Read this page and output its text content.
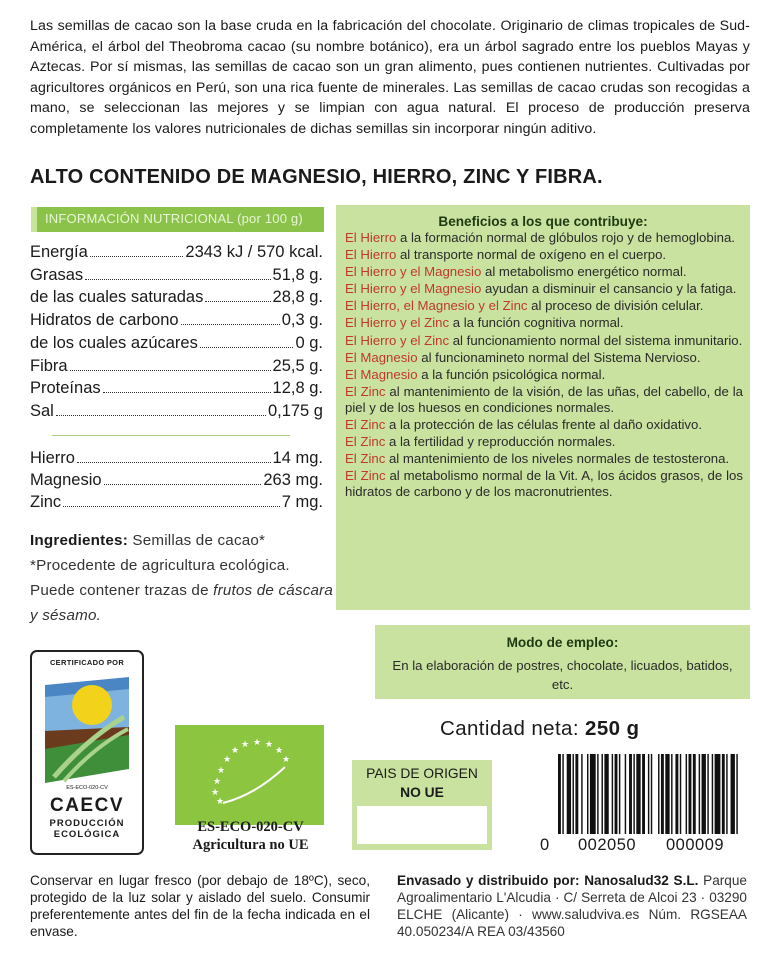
Las semillas de cacao son la base cruda en la fabricación del chocolate. Originario de climas tropicales de Sud-América, el árbol del Theobroma cacao (su nombre botánico), era un árbol sagrado entre los pueblos Mayas y Aztecas. Por sí mismas, las semillas de cacao son un gran alimento, pues contienen nutrientes. Cultivadas por agricultores orgánicos en Perú, son una rica fuente de minerales. Las semillas de cacao crudas son recogidas a mano, se seleccionan las mejores y se limpian con agua natural. El proceso de producción preserva completamente los valores nutricionales de dichas semillas sin incorporar ningún aditivo.
ALTO CONTENIDO DE MAGNESIO, HIERRO, ZINC Y FIBRA.
INFORMACIÓN NUTRICIONAL (por 100 g)
Energía	2343 kJ / 570 kcal.
Grasas	51,8 g.
de las cuales saturadas	28,8 g.
Hidratos de carbono	0,3 g.
de los cuales azúcares	0 g.
Fibra	25,5 g.
Proteínas	12,8 g.
Sal	0,175 g
Hierro	14 mg.
Magnesio	263 mg.
Zinc	7 mg.
Ingredientes: Semillas de cacao*
*Procedente de agricultura ecológica.
Puede contener trazas de frutos de cáscara y sésamo.
Beneficios a los que contribuye:
El Hierro a la formación normal de glóbulos rojo y de hemoglobina.
El Hierro al transporte normal de oxígeno en el cuerpo.
El Hierro y el Magnesio al metabolismo energético normal.
El Hierro y el Magnesio ayudan a disminuir el cansancio y la fatiga.
El Hierro, el Magnesio y el Zinc al proceso de división celular.
El Hierro y el Zinc a la función cognitiva normal.
El Hierro y el Zinc al funcionamiento normal del sistema inmunitario.
El Magnesio al funcionamineto normal del Sistema Nervioso.
El Magnesio a la función psicológica normal.
El Zinc al mantenimiento de la visión, de las uñas, del cabello, de la piel y de los huesos en condiciones normales.
El Zinc a la protección de las células frente al daño oxidativo.
El Zinc a la fertilidad y reproducción normales.
El Zinc al mantenimiento de los niveles normales de testosterona.
El Zinc al metabolismo normal de la Vit. A, los ácidos grasos, de los hidratos de carbono y de los macronutrientes.
Modo de empleo:
En la elaboración de postres, chocolate, licuados, batidos, etc.
Cantidad neta: 250 g
PAIS DE ORIGEN
NO UE
0 002050 000009
CERTIFICADO POR
ES-ECO-020-CV
CAECV
PRODUCCIÓN
ECOLÓGICA
★ ★ ★
★
★
★
★
★
★
★
★
ES-ECO-020-CV
Agricultura no UE
Conservar en lugar fresco (por debajo de 18ºC), seco, protegido de la luz solar y aislado del suelo. Consumir preferentemente antes del fin de la fecha indicada en el envase.
Envasado y distribuido por: Nanosalud32 S.L. Parque Agroalimentario L'Alcudia · C/ Serreta de Alcoi 23 · 03290 ELCHE (Alicante) · www.saludviva.es Núm. RGSEAA 40.050234/A REA 03/43560
